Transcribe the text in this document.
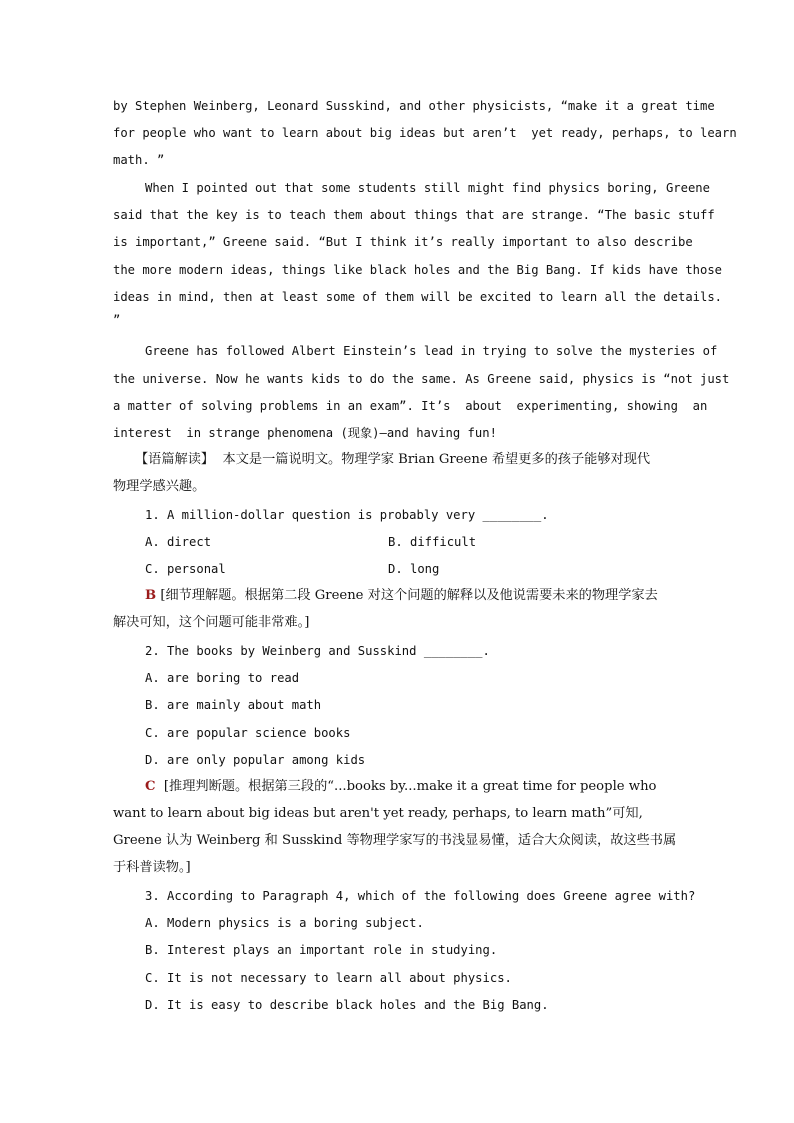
by Stephen Weinberg, Leonard Susskind, and other physicists, “make it a great time
for people who want to learn about big ideas but aren’t  yet ready, perhaps, to learn
math. ”
When I pointed out that some students still might find physics boring, Greene
said that the key is to teach them about things that are strange. “The basic stuff
is important,” Greene said. “But I think it’s really important to also describe
the more modern ideas, things like black holes and the Big Bang. If kids have those
ideas in mind, then at least some of them will be excited to learn all the details.
”
Greene has followed Albert Einstein’s lead in trying to solve the mysteries of
the universe. Now he wants kids to do the same. As Greene said, physics is “not just
a matter of solving problems in an exam”. It’s  about  experimenting, showing  an
interest  in strange phenomena (现象)—and having fun!
【语篇解读】  本文是一篇说明文。物理学家 Brian Greene 希望更多的孩子能够对现代
物理学感兴趣。
1. A million-dollar question is probably very ________.
A. direct	B. difficult
C. personal	D. long
B [细节理解题。根据第二段 Greene 对这个问题的解释以及他说需要未来的物理学家去
解决可知，这个问题可能非常难。]
2. The books by Weinberg and Susskind ________.
A. are boring to read
B. are mainly about math
C. are popular science books
D. are only popular among kids
C  [推理判断题。根据第三段的“...books by...make it a great time for people who
want to learn about big ideas but aren't yet ready, perhaps, to learn math”可知,
Greene 认为 Weinberg 和 Susskind 等物理学家写的书浅显易懂，适合大众阅读，故这些书属
于科普读物。]
3. According to Paragraph 4, which of the following does Greene agree with?
A. Modern physics is a boring subject.
B. Interest plays an important role in studying.
C. It is not necessary to learn all about physics.
D. It is easy to describe black holes and the Big Bang.
